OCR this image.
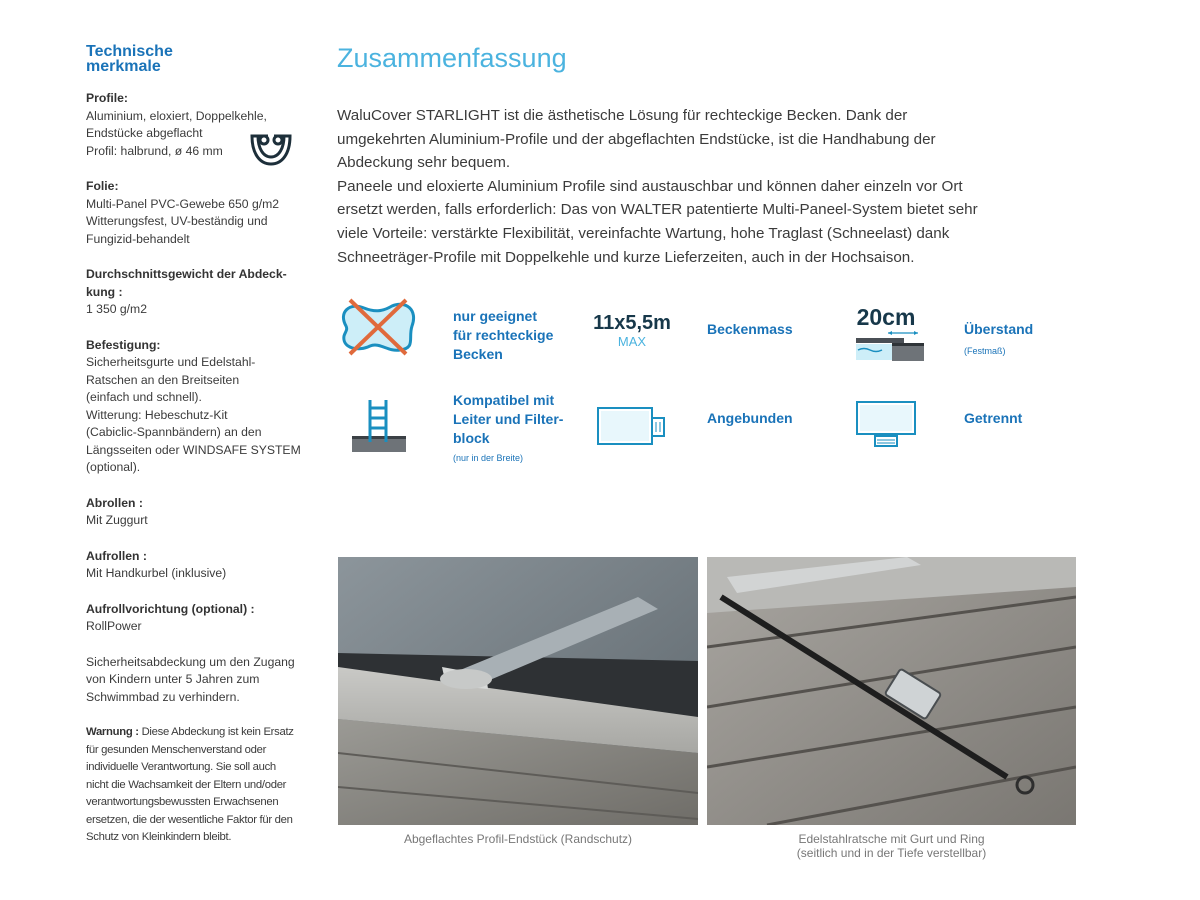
Technische
merkmale
Profile:
Aluminium, eloxiert, Doppelkehle,
Endstücke abgeflacht
Profil: halbrund, ø 46 mm
Folie:
Multi-Panel PVC-Gewebe 650 g/m2
Witterungsfest, UV-beständig und
Fungizid-behandelt
Durchschnittsgewicht der Abdeck-
kung :
1 350 g/m2
Befestigung:
Sicherheitsgurte und Edelstahl-
Ratschen an den Breitseiten
(einfach und schnell).
Witterung: Hebeschutz-Kit
(Cabiclic-Spannbändern) an den
Längsseiten oder WINDSAFE SYSTEM
(optional).
Abrollen :
Mit Zuggurt
Aufrollen :
Mit Handkurbel (inklusive)
Aufrollvorichtung (optional) :
RollPower
Sicherheitsabdeckung um den Zugang
von Kindern unter 5 Jahren zum
Schwimmbad zu verhindern.
Warnung : Diese Abdeckung ist kein Ersatz
für gesunden Menschenverstand oder
individuelle Verantwortung. Sie soll auch
nicht die Wachsamkeit der Eltern und/oder
verantwortungsbewussten Erwachsenen
ersetzen, die der wesentliche Faktor für den
Schutz von Kleinkindern bleibt.
Zusammenfassung
WaluCover STARLIGHT ist die ästhetische Lösung für rechteckige Becken. Dank der
umgekehrten Aluminium-Profile und der abgeflachten Endstücke, ist die Handhabung der
Abdeckung sehr bequem.
Paneele und eloxierte Aluminium Profile sind austauschbar und können daher einzeln vor Ort
ersetzt werden, falls erforderlich: Das von WALTER patentierte Multi-Paneel-System bietet sehr
viele Vorteile: verstärkte Flexibilität, vereinfachte Wartung, hohe Traglast (Schneelast) dank
Schneeträger-Profile mit Doppelkehle und kurze Lieferzeiten, auch in der Hochsaison.
nur geeignet
für rechteckige
Becken
11x5,5m
MAX
Beckenmass	20cm	Überstand
(Festmaß)
Kompatibel mit
Leiter und Filter-
block
(nur in der Breite)
Angebunden	Getrennt
Abgeflachtes Profil-Endstück (Randschutz)	Edelstahlratsche mit Gurt und Ring
(seitlich und in der Tiefe verstellbar)
